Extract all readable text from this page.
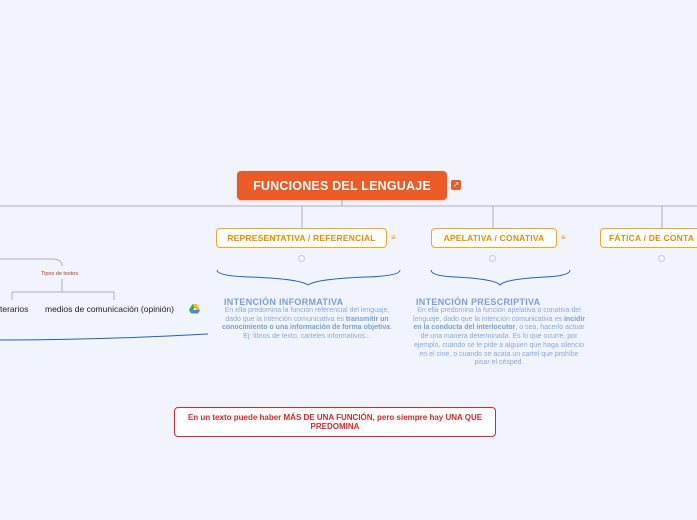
FUNCIONES DEL LENGUAJE	↗
REPRESENTATIVA / REFERENCIAL	≡	APELATIVA / CONATIVA	≡	FÁTICA / DE CONTA
Tipos de textos
terarios medios de comunicación (opinión)
INTENCIÓN INFORMATIVA
En ella predomina la función referencial del lenguaje, dado que la intención comunicativa es transmitir un conocimiento o una información de forma objetiva. Ej: libros de texto, carteles informativos...
INTENCIÓN PRESCRIPTIVA
En ella predomina la función apelativa o conativa del lenguaje, dado que la intención comunicativa es incidir en la conducta del interlocutor, o sea, hacerlo actuar de una manera determinada. Es lo que ocurre, por ejemplo, cuando se le pide a alguien que haga silencio en el cine, o cuando se acata un cartel que prohíbe pisar el césped.
En un texto puede haber MÁS DE UNA FUNCIÓN, pero siempre hay UNA QUE PREDOMINA
